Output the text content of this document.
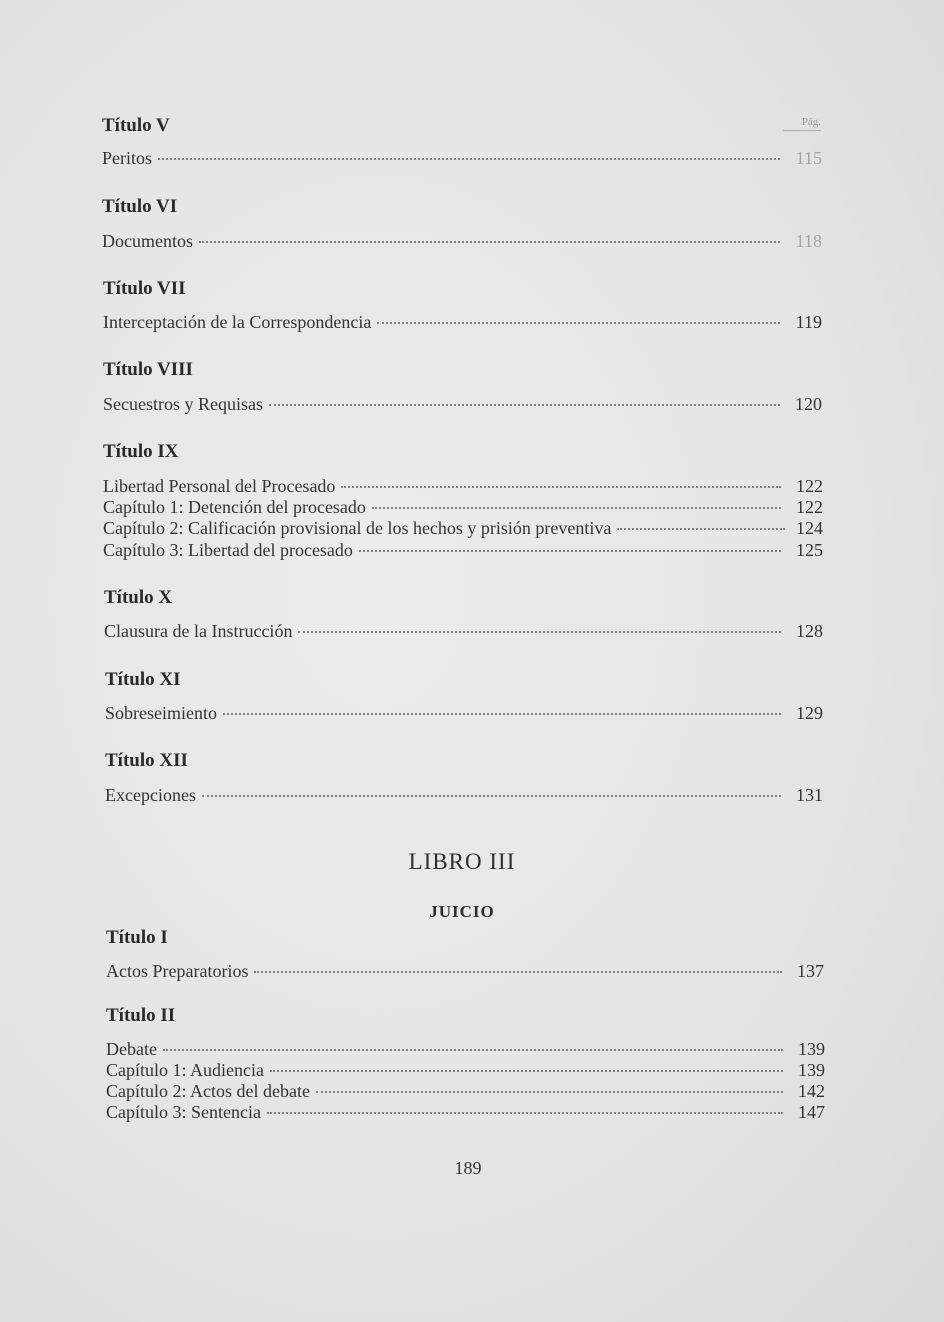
Pág.
Título V
Peritos	115
Título VI
Documentos	118
Título VII
Interceptación de la Correspondencia	119
Título VIII
Secuestros y Requisas	120
Título IX
Libertad Personal del Procesado	122
Capítulo 1: Detención del procesado	122
Capítulo 2: Calificación provisional de los hechos y prisión preventiva	124
Capítulo 3: Libertad del procesado	125
Título X
Clausura de la Instrucción	128
Título XI
Sobreseimiento	129
Título XII
Excepciones	131
LIBRO III
JUICIO
Título I
Actos Preparatorios	137
Título II
Debate	139
Capítulo 1: Audiencia	139
Capítulo 2: Actos del debate	142
Capítulo 3: Sentencia	147
189
